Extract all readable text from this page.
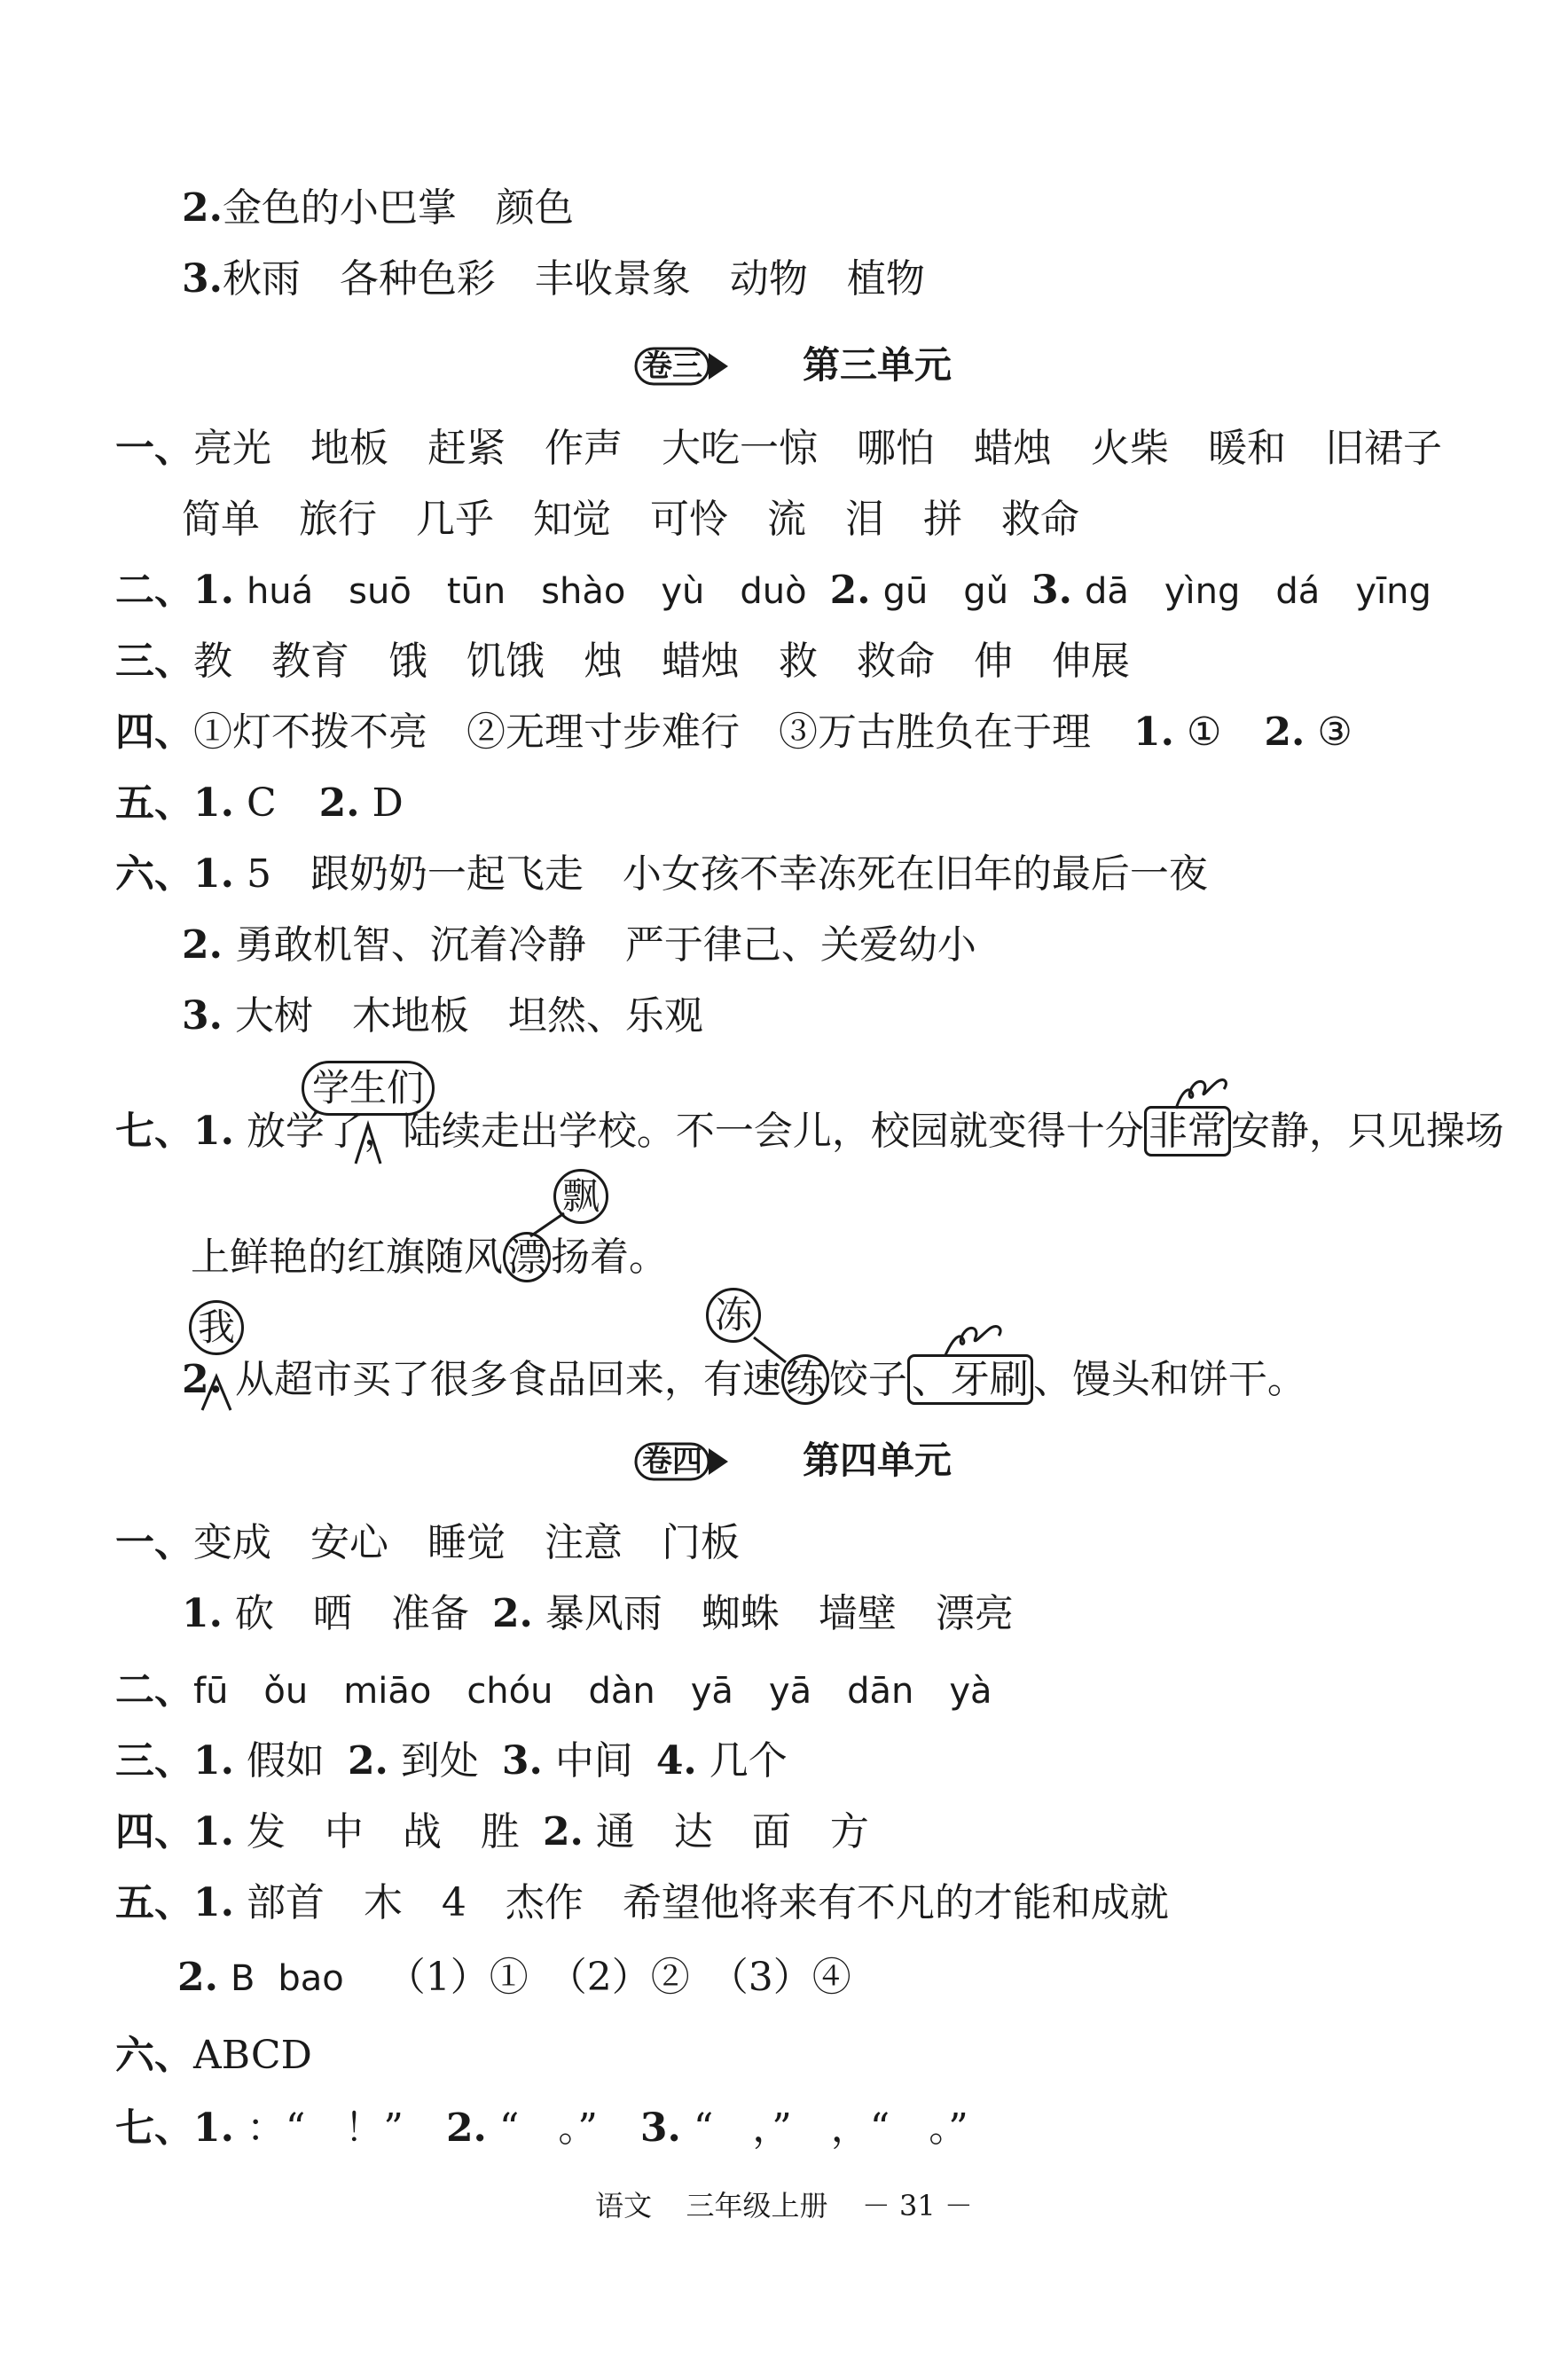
2.金色的小巴掌　颜色
3.秋雨　各种色彩　丰收景象　动物　植物
卷三	第三单元
一、亮光　地板　赶紧　作声　大吃一惊　哪怕　蜡烛　火柴　暖和　旧裙子
简单　旅行　几乎　知觉　可怜　流　泪　拼　救命
二、1. huá　suō　tūn　shào　yù　duò 2. gū　gǔ 3. dā　yìng　dá　yīng
三、教　教育　饿　饥饿　烛　蜡烛　救　救命　伸　伸展
四、①灯不拨不亮　②无理寸步难行　③万古胜负在于理 1. ① 2. ③
五、1. C 2. D
六、1. 5　跟奶奶一起飞走　小女孩不幸冻死在旧年的最后一夜
2. 勇敢机智、沉着冷静　严于律己、关爱幼小
3. 大树　木地板　坦然、乐观
七、1. 放学了，陆续走出学校。不一会儿，校园就变得十分 非常 安静，只见操场
学生们
上鲜艳的红旗随风 漂 扬着。
飘
2. 从超市买了很多食品回来，有速 练 饺子 、牙刷 、馒头和饼干。
我	冻
卷四	第四单元
一、变成　安心　睡觉　注意　门板
1. 砍　晒　准备 2. 暴风雨　蜘蛛　墙壁　漂亮
二、fū　ǒu　miāo　chóu　dàn　yā　yā　dān　yà
三、1. 假如 2. 到处 3. 中间 4. 几个
四、1. 发　中　战　胜 2. 通　达　面　方
五、1. 部首　木　4　杰作　希望他将来有不凡的才能和成就
2. B bao （1）①　（2）②　（3）④
六、ABCD
七、1. ：“　！” 2. “　。” 3. “　，”　，“　。”
语文 三年级上册 － 31 －
